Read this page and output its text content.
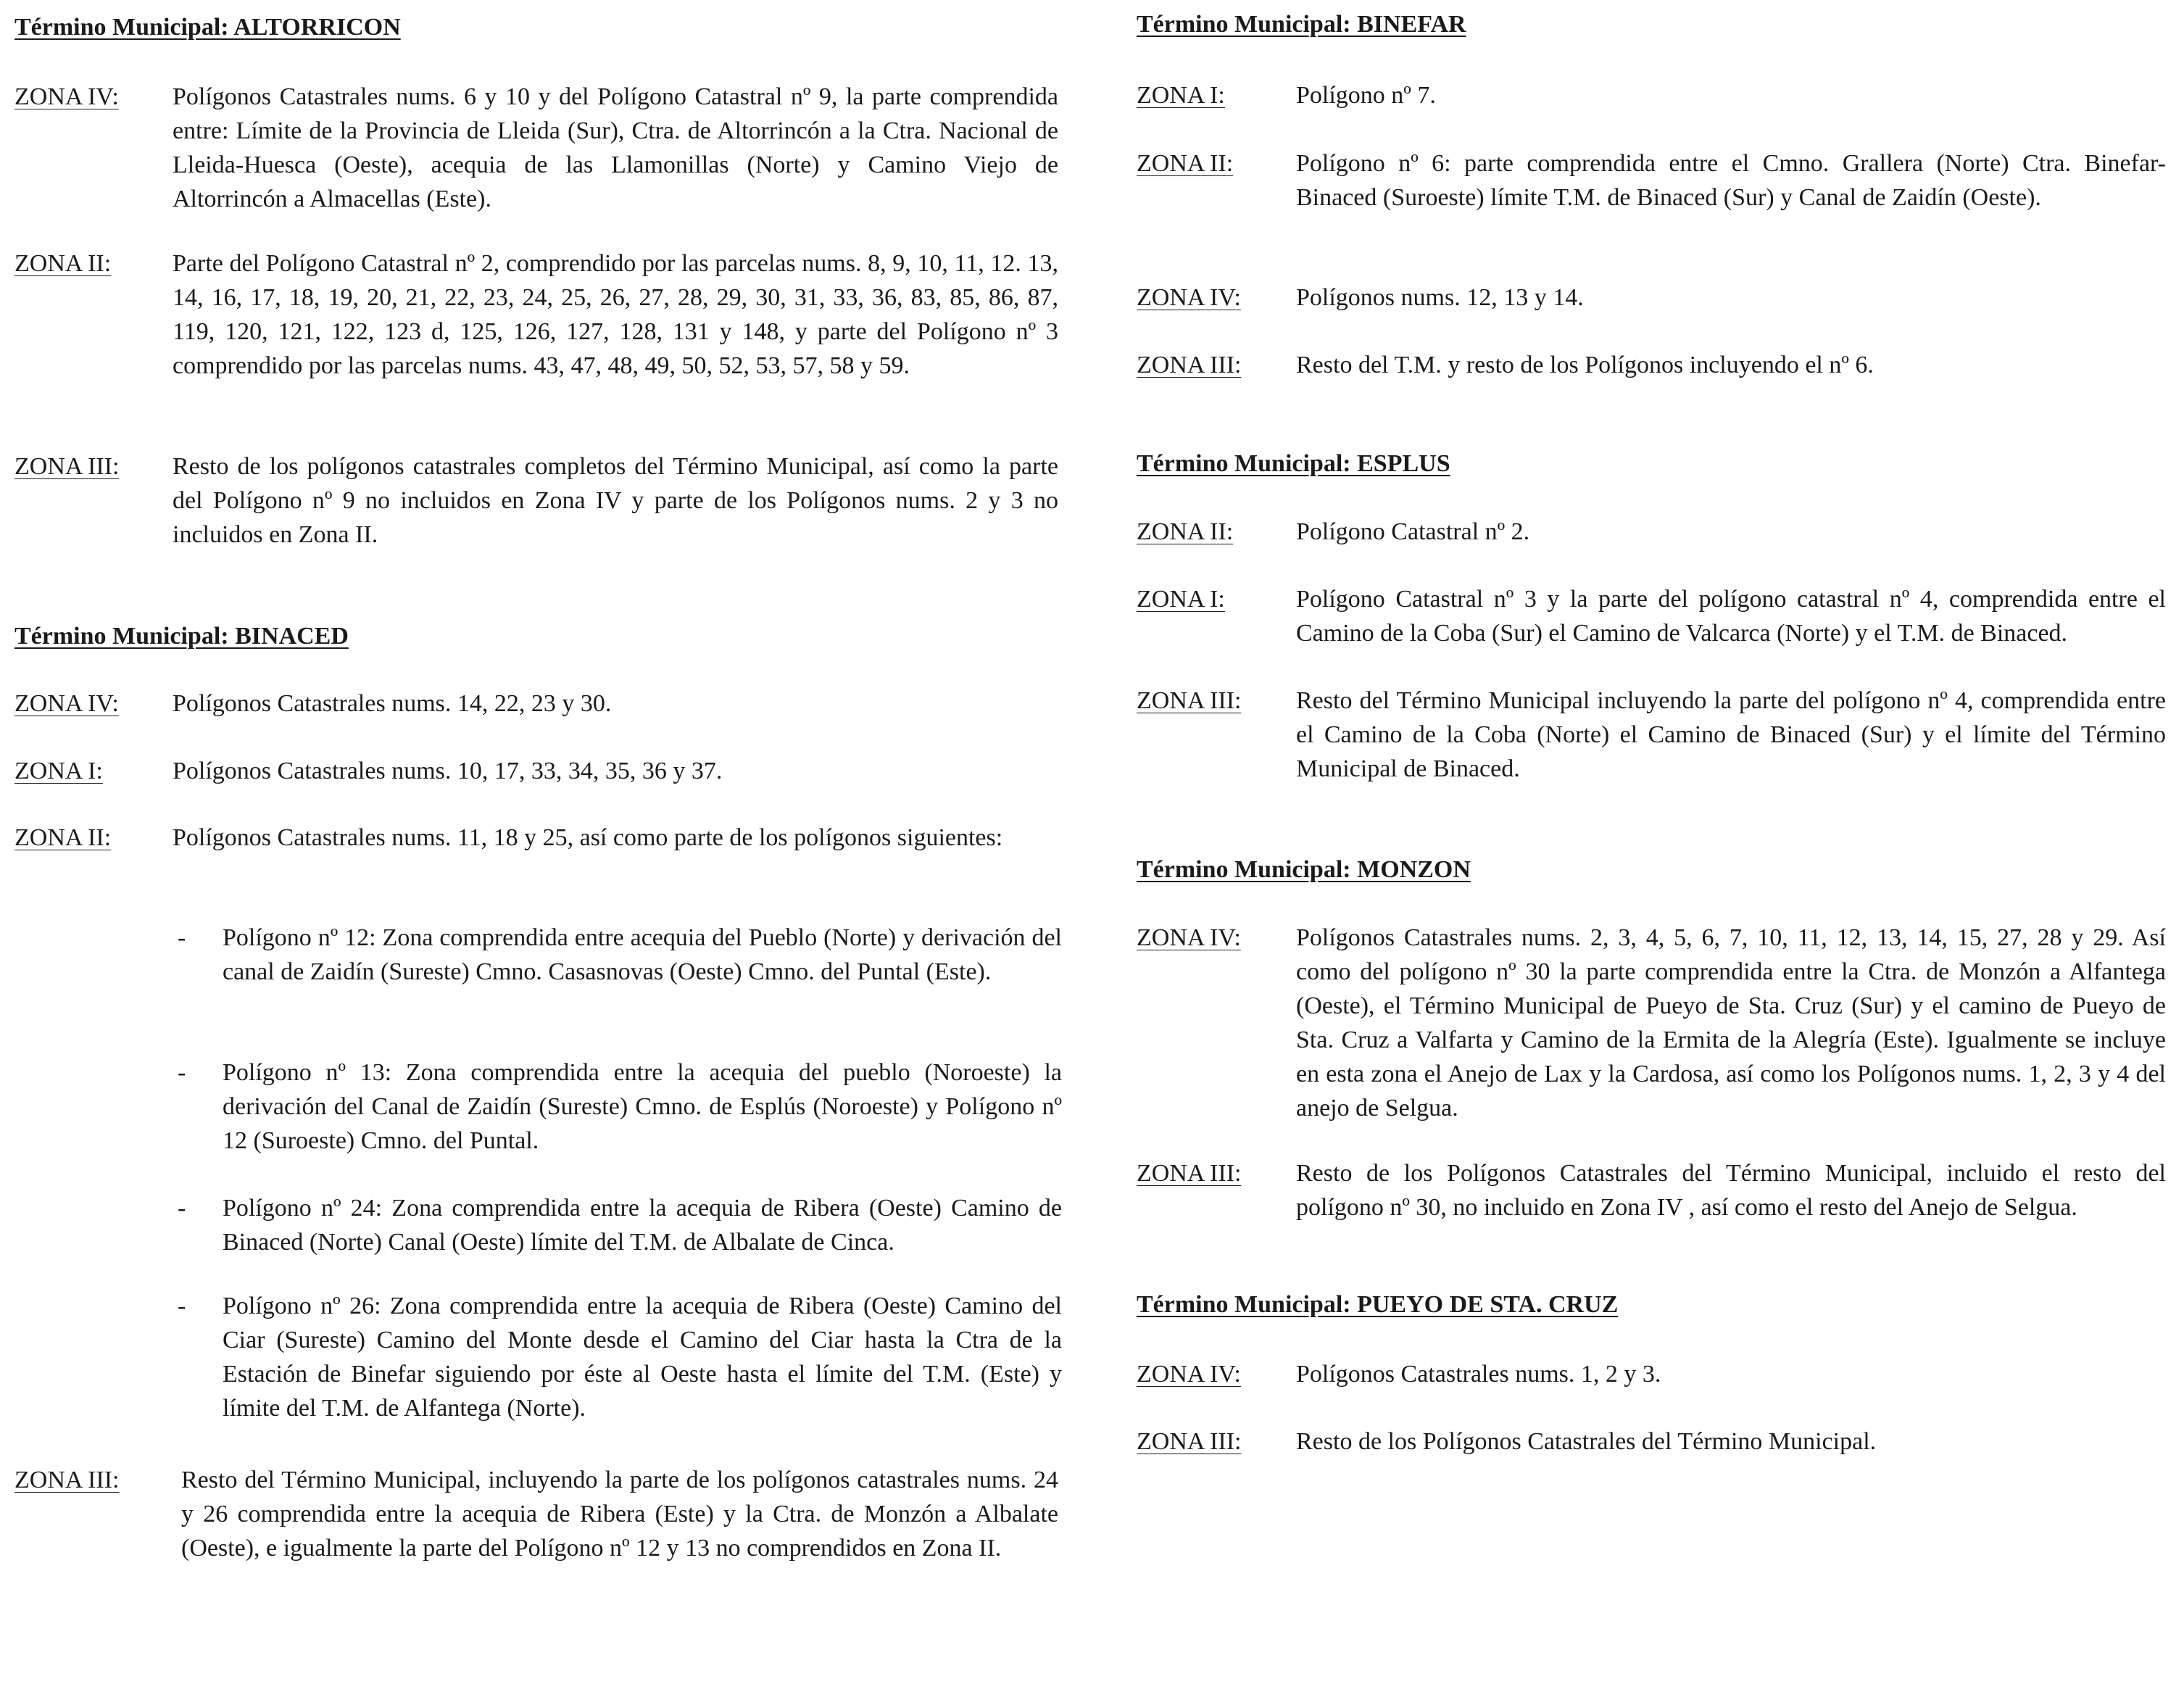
Término Municipal: ALTORRICON
ZONA IV: Polígonos Catastrales nums. 6 y 10 y del Polígono Catastral nº 9, la parte comprendida entre: Límite de la Provincia de Lleida (Sur), Ctra. de Altorrincón a la Ctra. Nacional de Lleida-Huesca (Oeste), acequia de las Llamonillas (Norte) y Camino Viejo de Altorrincón a Almacellas (Este).
ZONA II: Parte del Polígono Catastral nº 2, comprendido por las parcelas nums. 8, 9, 10, 11, 12. 13, 14, 16, 17, 18, 19, 20, 21, 22, 23, 24, 25, 26, 27, 28, 29, 30, 31, 33, 36, 83, 85, 86, 87, 119, 120, 121, 122, 123 d, 125, 126, 127, 128, 131 y 148, y parte del Polígono nº 3 comprendido por las parcelas nums. 43, 47, 48, 49, 50, 52, 53, 57, 58 y 59.
ZONA III: Resto de los polígonos catastrales completos del Término Municipal, así como la parte del Polígono nº 9 no incluidos en Zona IV y parte de los Polígonos nums. 2 y 3 no incluidos en Zona II.
Término Municipal: BINACED
ZONA IV: Polígonos Catastrales nums. 14, 22, 23 y 30.
ZONA I:	Polígonos Catastrales nums. 10, 17, 33, 34, 35, 36 y 37.
ZONA II: Polígonos Catastrales nums. 11, 18 y 25, así como parte de los polígonos siguientes:
- Polígono nº 12: Zona comprendida entre acequia del Pueblo (Norte) y derivación del canal de Zaidín (Sureste) Cmno. Casasnovas (Oeste) Cmno. del Puntal (Este).
- Polígono nº 13: Zona comprendida entre la acequia del pueblo (Noroeste) la derivación del Canal de Zaidín (Sureste) Cmno. de Esplús (Noroeste) y Polígono nº 12 (Suroeste) Cmno. del Puntal.
- Polígono nº 24: Zona comprendida entre la acequia de Ribera (Oeste) Camino de Binaced (Norte) Canal (Oeste) límite del T.M. de Albalate de Cinca.
- Polígono nº 26: Zona comprendida entre la acequia de Ribera (Oeste) Camino del Ciar (Sureste) Camino del Monte desde el Camino del Ciar hasta la Ctra de la Estación de Binefar siguiendo por éste al Oeste hasta el límite del T.M. (Este) y límite del T.M. de Alfantega (Norte).
ZONA III:	Resto del Término Municipal, incluyendo la parte de los polígonos catastrales nums. 24 y 26 comprendida entre la acequia de Ribera (Este) y la Ctra. de Monzón a Albalate (Oeste), e igualmente la parte del Polígono nº 12 y 13 no comprendidos en Zona II.
Término Municipal: BINEFAR
ZONA I:	Polígono nº 7.
ZONA II:	Polígono nº 6: parte comprendida entre el Cmno. Grallera (Norte) Ctra. Binefar-Binaced (Suroeste) límite T.M. de Binaced (Sur) y Canal de Zaidín (Oeste).
ZONA IV: Polígonos nums. 12, 13 y 14.
ZONA III: Resto del T.M. y resto de los Polígonos incluyendo el nº 6.
Término Municipal: ESPLUS
ZONA II:	Polígono Catastral nº 2.
ZONA I:	Polígono Catastral nº 3 y la parte del polígono catastral nº 4, comprendida entre el Camino de la Coba (Sur) el Camino de Valcarca (Norte) y el T.M. de Binaced.
ZONA III: Resto del Término Municipal incluyendo la parte del polígono nº 4, comprendida entre el Camino de la Coba (Norte) el Camino de Binaced (Sur) y el límite del Término Municipal de Binaced.
Término Municipal: MONZON
ZONA IV: Polígonos Catastrales nums. 2, 3, 4, 5, 6, 7, 10, 11, 12, 13, 14, 15, 27, 28 y 29. Así como del polígono nº 30 la parte comprendida entre la Ctra. de Monzón a Alfantega (Oeste), el Término Municipal de Pueyo de Sta. Cruz (Sur) y el camino de Pueyo de Sta. Cruz a Valfarta y Camino de la Ermita de la Alegría (Este). Igualmente se incluye en esta zona el Anejo de Lax y la Cardosa, así como los Polígonos nums. 1, 2, 3 y 4 del anejo de Selgua.
ZONA III: Resto de los Polígonos Catastrales del Término Municipal, incluido el resto del polígono nº 30, no incluido en Zona IV , así como el resto del Anejo de Selgua.
Término Municipal: PUEYO DE STA. CRUZ
ZONA IV: Polígonos Catastrales nums. 1, 2 y 3.
ZONA III: Resto de los Polígonos Catastrales del Término Municipal.
